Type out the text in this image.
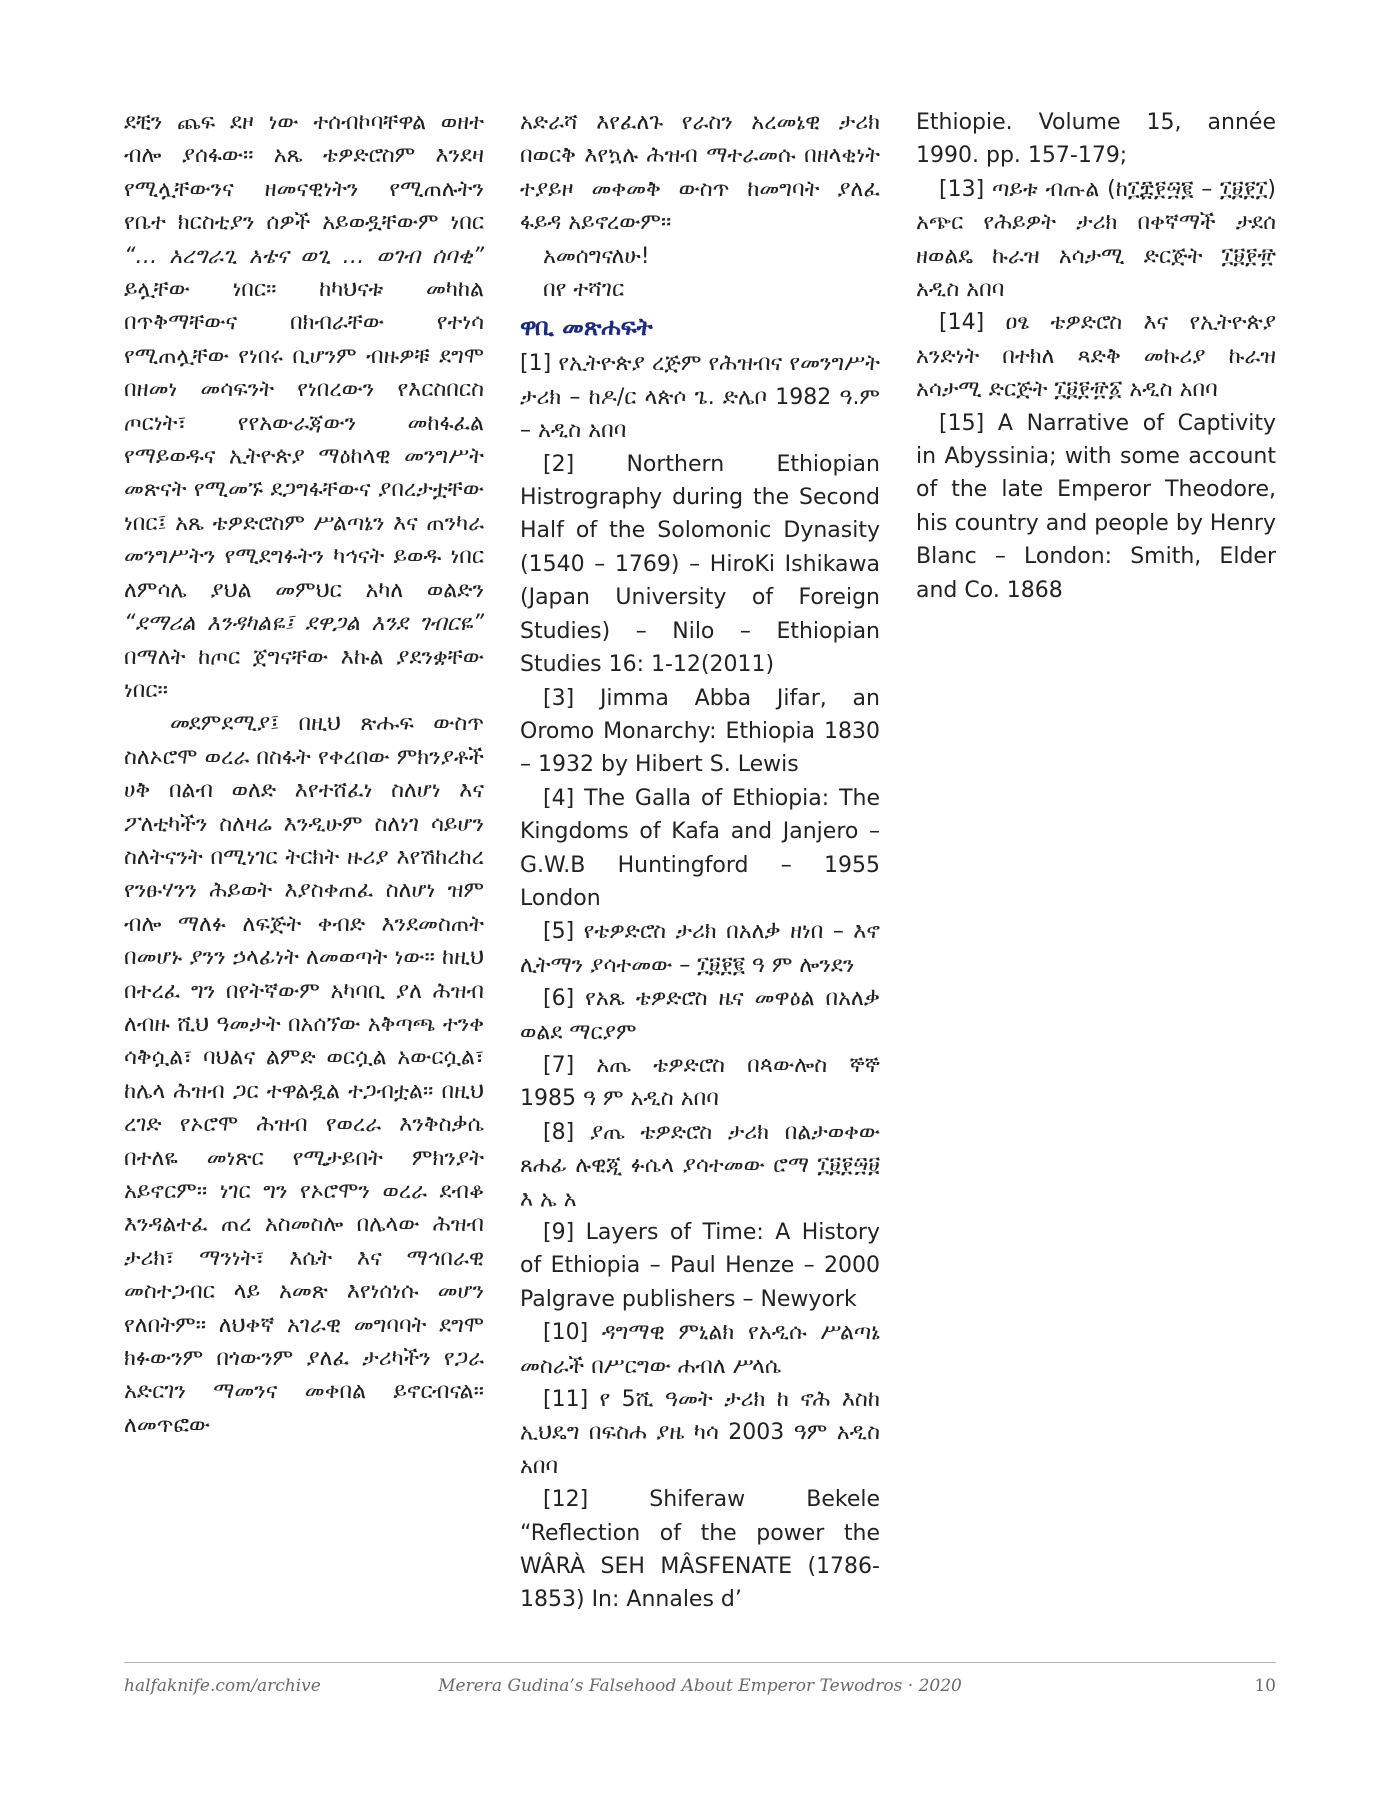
ደቺን ጨፍ ደዞ ነው ተሰብኮባቸዋል ወዘተ ብሎ ያሰፋው፡፡ አጼ ቴዎድሮስም እንደዛ የሚሏቸውንና ዘመናዊነትን የሚጠሉትን የቤተ ክርስቲያን ሰዎች አይወዷቸውም ነበር “… አረግራጊ አቴና ወጊ … ወገብ ሰባቂ” ይሏቸው ነበር፡፡ ከካህናቱ መካከል በጥቅማቸውና በክብራቸው የተነሳ የሚጠሏቸው የነበሩ ቢሆንም ብዙዎቹ ደግሞ በዘመነ መሳፍንት የነበረውን የእርስበርስ ጦርነት፣ የየአውራጃውን መከፋፈል የማይወዱና ኢትዮጵያ ማዕከላዊ መንግሥት መጽናት የሚመኙ ደጋግፋቸውና ያበረታቷቸው ነበር፤ አጼ ቴዎድሮስም ሥልጣኔን እና ጠንካራ መንግሥትን የሚደግፉትን ካኅናት ይወዱ ነበር ለምሳሌ ያህል መምህር አካለ ወልድን “ደማሪል እንዳካልዬ፤ ደዋጋል እንደ ገብርዬ” በማለት ከጦር ጀግናቸው እኩል ያደንቋቸው ነበር፡፡

መደምደሚያ፤ በዚህ ጽሑፍ ውስጥ ስለኦሮሞ ወረራ በስፋት የቀረበው ምክንያቶች ሀቅ በልብ ወለድ እየተሸፈነ ስለሆነ እና ፖለቲካችን ስለዛሬ እንዲሁም ስለነገ ሳይሆን ስለትናንት በሚነገር ትርክት ዙሪያ እየሽከረከረ የንፁሃንን ሕይወት እያስቀጠፈ ስለሆነ ዝም ብሎ ማለፉ ለፍጅት ቀብድ እንደመስጠት በመሆኑ ያንን ኃላፊነት ለመወጣት ነው፡፡ ከዚህ በተረፈ ግን በየትኛውም አካባቢ ያለ ሕዝብ ለብዙ ሺህ ዓመታት በአሰኘው አቅጣጫ ተንቀ ሳቅሷል፣ ባህልና ልምድ ወርሷል አውርሷል፣ ከሌላ ሕዝብ ጋር ተዋልዷል ተጋብቷል፡፡ በዚህ ረገድ የኦሮሞ ሕዝብ የወረራ እንቅስቃሴ በተለዬ መነጽር የሚታይበት ምክንያት አይኖርም፡፡ ነገር ግን የኦሮሞን ወረራ ደብቆ እንዳልተፈ ጠረ አስመስሎ በሌላው ሕዝብ ታሪክ፣ ማንነት፣ እሴት እና ማኅበራዊ መስተጋብር ላይ አመጽ እየነሰነሱ መሆን የለበትም፡፡ ለህቀኛ አገራዊ መግባባት ደግሞ ክፉውንም በጎውንም ያለፈ ታሪካችን የጋራ አድርገን ማመንና መቀበል ይኖርብናል፡፡ ለመጥፎው

አድራሻ እየፈለጉ የራስን አረመኔዊ ታሪክ በወርቅ እየኳሉ ሕዝብ ማተራመሱ በዘላቂነት ተያይዞ መቀመቅ ውስጥ ከመግባት ያለፈ ፋይዳ አይኖረውም፡፡

አመሰግናለሁ!

በየ ተሻገር

ዋቢ መጽሐፍት

[1] የኢትዮጵያ ረጅም የሕዝብና የመንግሥት ታሪክ – ከዶ/ር ላጵሶ ጌ. ድሌቦ 1982 ዓ.ም – አዲስ አበባ

[2] Northern Ethiopian Histrography during the Second Half of the Solomonic Dynasity (1540 – 1769) – HiroKi Ishikawa (Japan University of Foreign Studies) – Nilo – Ethiopian Studies 16: 1-12(2011)

[3] Jimma Abba Jifar, an Oromo Monarchy: Ethiopia 1830 – 1932 by Hibert S. Lewis

[4] The Galla of Ethiopia: The Kingdoms of Kafa and Janjero – G.W.B Huntingford – 1955 London

[5] የቴዎድሮስ ታሪክ በአለቃ ዘነበ – እኖ ሊትማን ያሳተመው – ፲፱፻፪ ዓ ም ሎንደን

[6] የአጼ ቴዎድሮስ ዜና መዋዕል በአለቃ ወልደ ማርያም

[7] አጤ ቴዎድሮስ በጳውሎስ ኞኞ 1985 ዓ ም አዲስ አበባ

[8] ያጤ ቴዎድሮስ ታሪክ በልታወቀው ጸሐፊ ሉዊጂ ፉሴላ ያሳተመው ሮማ ፲፱፻፵፱ እ ኤ አ

[9] Layers of Time: A History of Ethiopia – Paul Henze – 2000 Palgrave publishers – Newyork

[10] ዳግማዊ ምኒልክ የአዲሱ ሥልጣኔ መስራች በሥርግው ሐብለ ሥላሴ

[11] የ 5ሺ ዓመት ታሪክ ከ ኖሕ እስከ ኢህዴግ በፍስሐ ያዜ ካሳ 2003 ዓም አዲስ አበባ

[12] Shiferaw Bekele “Reflection of the power the WÂRÀ SEH MÂSFENATE (1786-1853) In: Annales d’

Ethiopie. Volume 15, année 1990. pp. 157-179;

[13] ጣይቱ ብጡል (ከ፲፰፻፵፪ – ፲፱፻፲) አጭር የሕይዎት ታሪክ በቀኛማች ታደሰ ዘወልዴ ኩራዝ አሳታሚ ድርጅት ፲፱፻፹ አዲስ አበባ

[14] ዐፄ ቴዎድሮስ እና የኢትዮጵያ አንድነት በተክለ ጻድቅ መኩሪያ ኩራዝ አሳታሚ ድርጅት ፲፱፻፹፩ አዲስ አበባ

[15] A Narrative of Captivity in Abyssinia; with some account of the late Emperor Theodore, his country and people by Henry Blanc – London: Smith, Elder and Co. 1868

halfaknife.com/archive	Merera Gudina’s Falsehood About Emperor Tewodros · 2020	10
